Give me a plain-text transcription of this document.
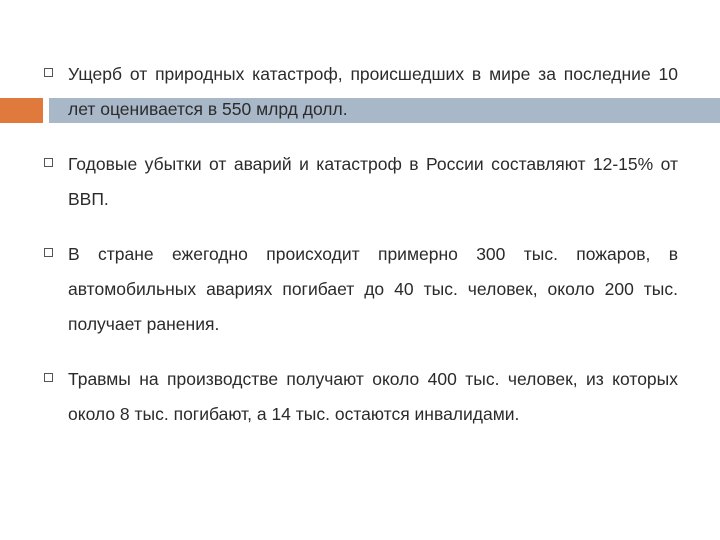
Ущерб от природных катастроф, происшедших в мире за последние 10 лет оценивается в 550 млрд долл.
Годовые убытки от аварий и катастроф в России составляют 12-15% от ВВП.
В стране ежегодно происходит примерно 300 тыс. пожаров, в автомобильных авариях погибает до 40 тыс. человек, около 200 тыс. получает ранения.
Травмы на производстве получают около 400 тыс. человек, из которых около 8 тыс. погибают, а 14 тыс. остаются инвалидами.
